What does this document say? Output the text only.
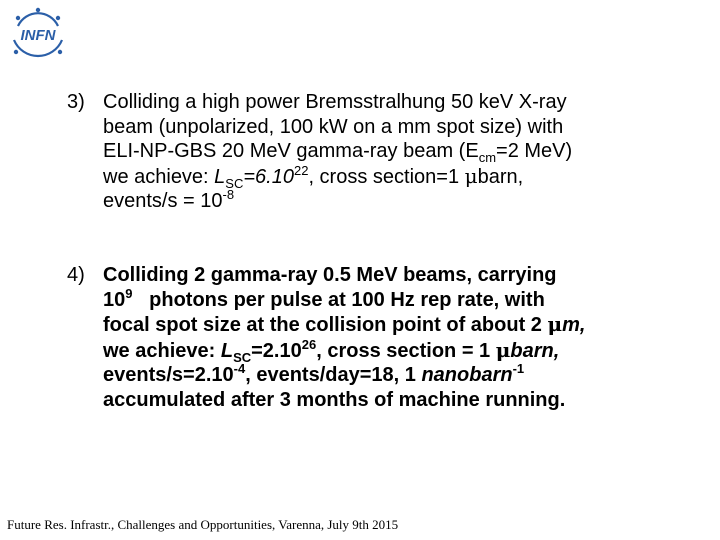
INFN
3) Colliding a high power Bremsstralhung 50 keV X-ray
beam (unpolarized, 100 kW on a mm spot size) with
ELI-NP-GBS 20 MeV gamma-ray beam ($E_{cm}=2$ MeV)
we achieve: $L_{SC}=6.10^{22}$, cross section=1 μbarn,
events/s = $10^{-8}$
4) Colliding 2 gamma-ray 0.5 MeV beams, carrying
$10^9$   photons per pulse at 100 Hz rep rate, with
focal spot size at the collision point of about 2 μm,
we achieve: $L_{SC}=2.10^{26}$, cross section = 1 μbarn,
events/$s=2.10^{-4}$, events/day=18, 1 nanobarn$^{-1}$
accumulated after 3 months of machine running.
Future Res. Infrastr., Challenges and Opportunities, Varenna, July 9th 2015
